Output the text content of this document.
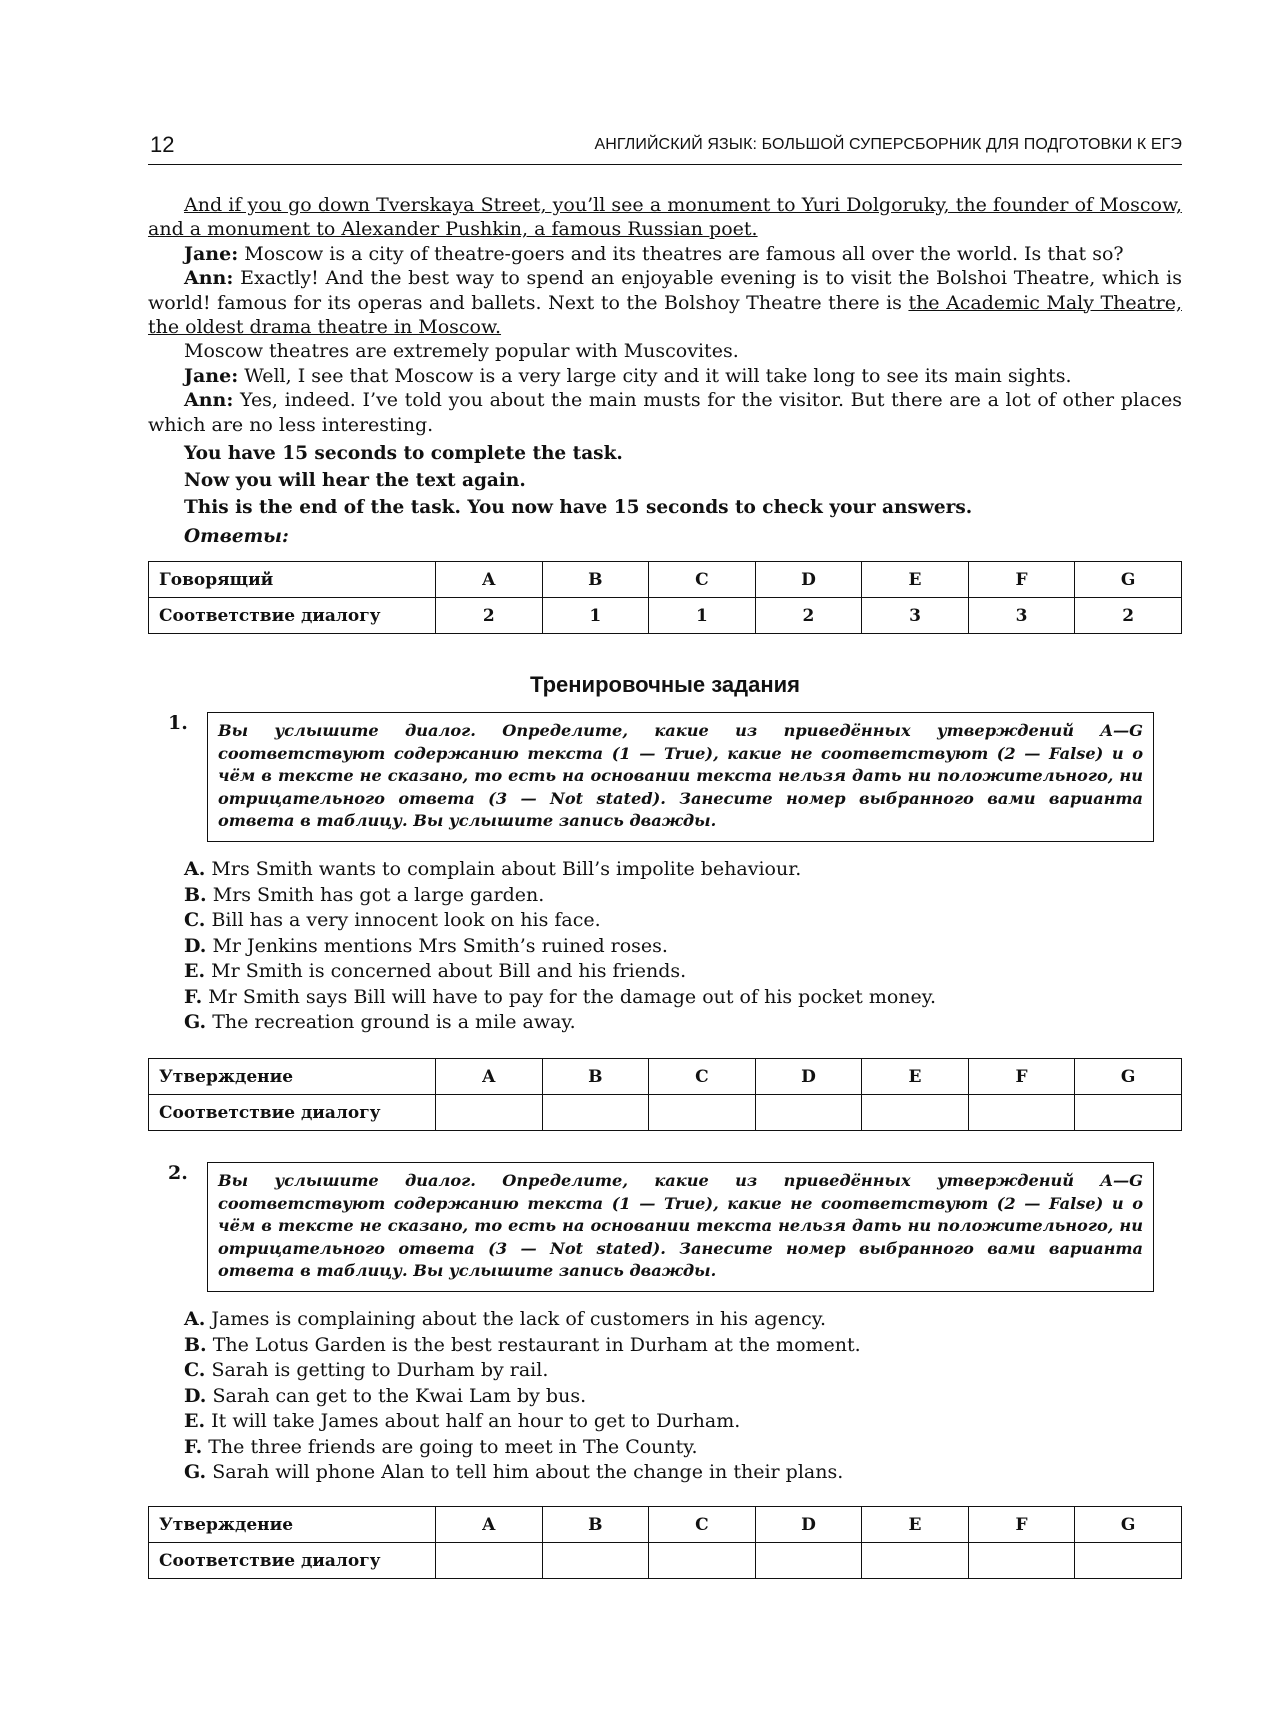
12	АНГЛИЙСКИЙ ЯЗЫК: БОЛЬШОЙ СУПЕРСБОРНИК ДЛЯ ПОДГОТОВКИ К ЕГЭ

And if you go down Tverskaya Street, you’ll see a monument to Yuri Dolgoruky, the founder of Moscow, and a monument to Alexander Pushkin, a famous Russian poet.

Jane: Moscow is a city of theatre-goers and its theatres are famous all over the world. Is that so?

Ann: Exactly! And the best way to spend an enjoyable evening is to visit the Bolshoi Theatre, which is world! famous for its operas and ballets. Next to the Bolshoy Theatre there is the Academic Maly Theatre, the oldest drama theatre in Moscow.

Moscow theatres are extremely popular with Muscovites.

Jane: Well, I see that Moscow is a very large city and it will take long to see its main sights.

Ann: Yes, indeed. I’ve told you about the main musts for the visitor. But there are a lot of other places which are no less interesting.

You have 15 seconds to complete the task.
Now you will hear the text again.
This is the end of the task. You now have 15 seconds to check your answers.
Ответы:
Говорящий	A	B	C	D	E	F	G
Соответствие диалогу	2	1	1	2	3	3	2
Тренировочные задания
1.	Вы услышите диалог. Определите, какие из приведённых утверждений A—G соответствуют содержанию текста (1 — True), какие не соответствуют (2 — False) и о чём в тексте не сказано, то есть на основании текста нельзя дать ни положительного, ни отрицательного ответа (3 — Not stated). Занесите номер выбранного вами варианта ответа в таблицу. Вы услышите запись дважды.
A. Mrs Smith wants to complain about Bill’s impolite behaviour.
B. Mrs Smith has got a large garden.
C. Bill has a very innocent look on his face.
D. Mr Jenkins mentions Mrs Smith’s ruined roses.
E. Mr Smith is concerned about Bill and his friends.
F. Mr Smith says Bill will have to pay for the damage out of his pocket money.
G. The recreation ground is a mile away.
Утверждение	A	B	C	D	E	F	G
Соответствие диалогу							
2.	Вы услышите диалог. Определите, какие из приведённых утверждений A—G соответствуют содержанию текста (1 — True), какие не соответствуют (2 — False) и о чём в тексте не сказано, то есть на основании текста нельзя дать ни положительного, ни отрицательного ответа (3 — Not stated). Занесите номер выбранного вами варианта ответа в таблицу. Вы услышите запись дважды.
A. James is complaining about the lack of customers in his agency.
B. The Lotus Garden is the best restaurant in Durham at the moment.
C. Sarah is getting to Durham by rail.
D. Sarah can get to the Kwai Lam by bus.
E. It will take James about half an hour to get to Durham.
F. The three friends are going to meet in The County.
G. Sarah will phone Alan to tell him about the change in their plans.
Утверждение	A	B	C	D	E	F	G
Соответствие диалогу							
